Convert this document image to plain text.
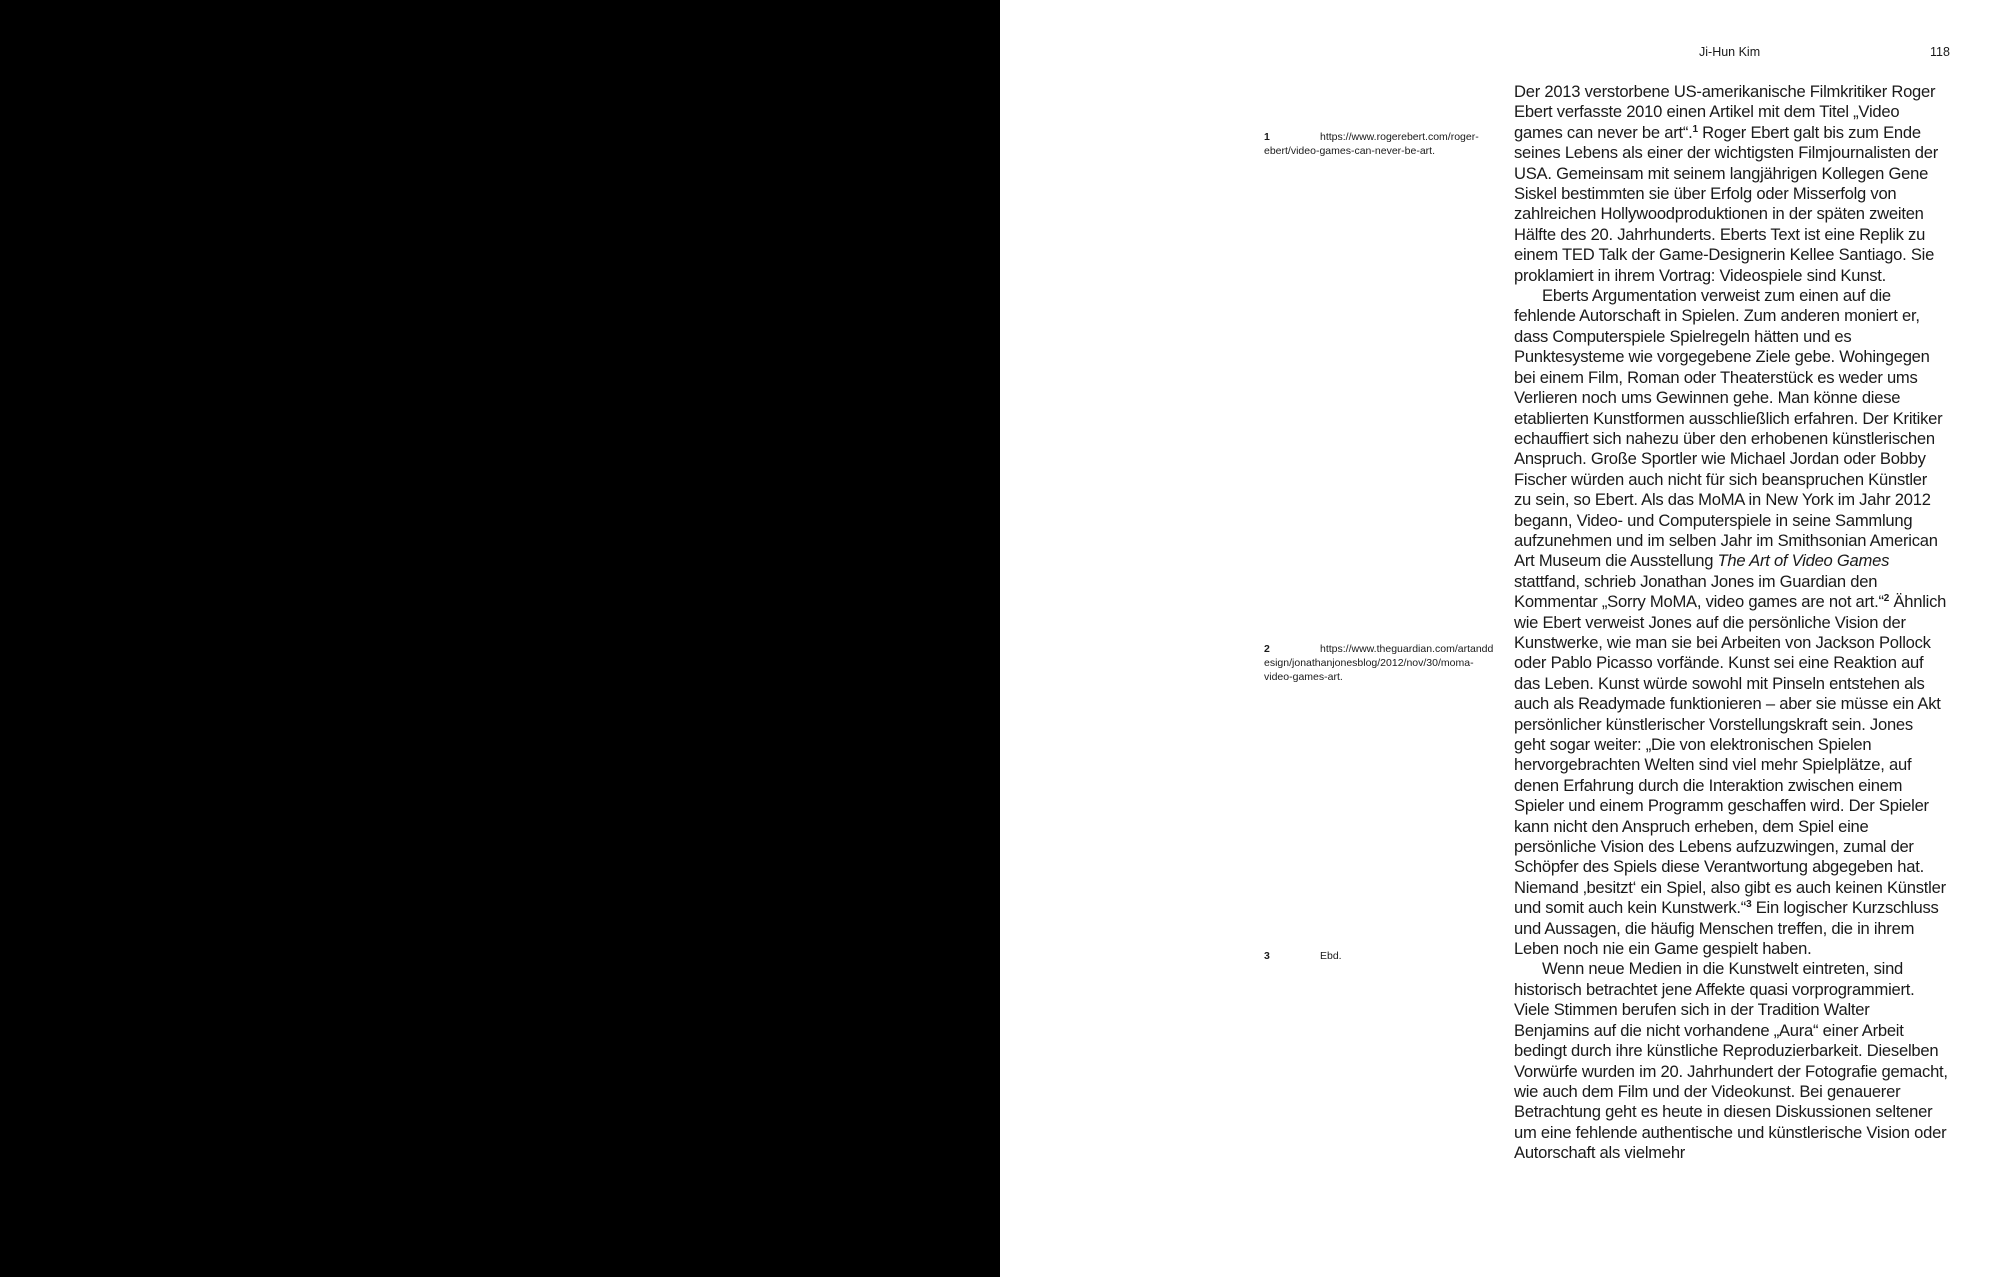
Ji-Hun Kim	118
1	https://www.rogerebert.com/roger-ebert/video-games-can-never-be-art.
2	https://www.theguardian.com/artanddesign/jonathanjonesblog/2012/nov/30/moma-video-games-art.
3	Ebd.

Der 2013 verstorbene US-amerikanische Filmkritiker Roger Ebert verfasste 2010 einen Artikel mit dem Titel „Video games can never be art“.$^1$ Roger Ebert galt bis zum Ende seines Lebens als einer der wichtigsten Filmjournalisten der USA. Gemeinsam mit seinem langjährigen Kollegen Gene Siskel bestimmten sie über Erfolg oder Misserfolg von zahlreichen Hollywoodproduktionen in der späten zweiten Hälfte des 20. Jahrhunderts. Eberts Text ist eine Replik zu einem TED Talk der Game-Designerin Kellee Santiago. Sie proklamiert in ihrem Vortrag: Videospiele sind Kunst.

Eberts Argumentation verweist zum einen auf die fehlende Autorschaft in Spielen. Zum anderen moniert er, dass Computerspiele Spielregeln hätten und es Punktesysteme wie vorgegebene Ziele gebe. Wohingegen bei einem Film, Roman oder Theaterstück es weder ums Verlieren noch ums Gewinnen gehe. Man könne diese etablierten Kunstformen ausschließlich erfahren. Der Kritiker echauffiert sich nahezu über den erhobenen künstlerischen Anspruch. Große Sportler wie Michael Jordan oder Bobby Fischer würden auch nicht für sich beanspruchen Künstler zu sein, so Ebert. Als das MoMA in New York im Jahr 2012 begann, Video- und Computerspiele in seine Sammlung aufzunehmen und im selben Jahr im Smithsonian American Art Museum die Ausstellung The Art of Video Games stattfand, schrieb Jonathan Jones im Guardian den Kommentar „Sorry MoMA, video games are not art.“$^2$ Ähnlich wie Ebert verweist Jones auf die persönliche Vision der Kunstwerke, wie man sie bei Arbeiten von Jackson Pollock oder Pablo Picasso vorfände. Kunst sei eine Reaktion auf das Leben. Kunst würde sowohl mit Pinseln entstehen als auch als Readymade funktionieren – aber sie müsse ein Akt persönlicher künstlerischer Vorstellungskraft sein. Jones geht sogar weiter: „Die von elektronischen Spielen hervorgebrachten Welten sind viel mehr Spielplätze, auf denen Erfahrung durch die Interaktion zwischen einem Spieler und einem Programm geschaffen wird. Der Spieler kann nicht den Anspruch erheben, dem Spiel eine persönliche Vision des Lebens aufzuzwingen, zumal der Schöpfer des Spiels diese Verantwortung abgegeben hat. Niemand ‚besitzt‘ ein Spiel, also gibt es auch keinen Künstler und somit auch kein Kunstwerk.“$^3$ Ein logischer Kurzschluss und Aussagen, die häufig Menschen treffen, die in ihrem Leben noch nie ein Game gespielt haben.

Wenn neue Medien in die Kunstwelt eintreten, sind historisch betrachtet jene Affekte quasi vorprogrammiert. Viele Stimmen berufen sich in der Tradition Walter Benjamins auf die nicht vorhandene „Aura“ einer Arbeit bedingt durch ihre künstliche Reproduzierbarkeit. Dieselben Vorwürfe wurden im 20. Jahrhundert der Fotografie gemacht, wie auch dem Film und der Videokunst. Bei genauerer Betrachtung geht es heute in diesen Diskussionen seltener um eine fehlende authentische und künstlerische Vision oder Autorschaft als vielmehr
